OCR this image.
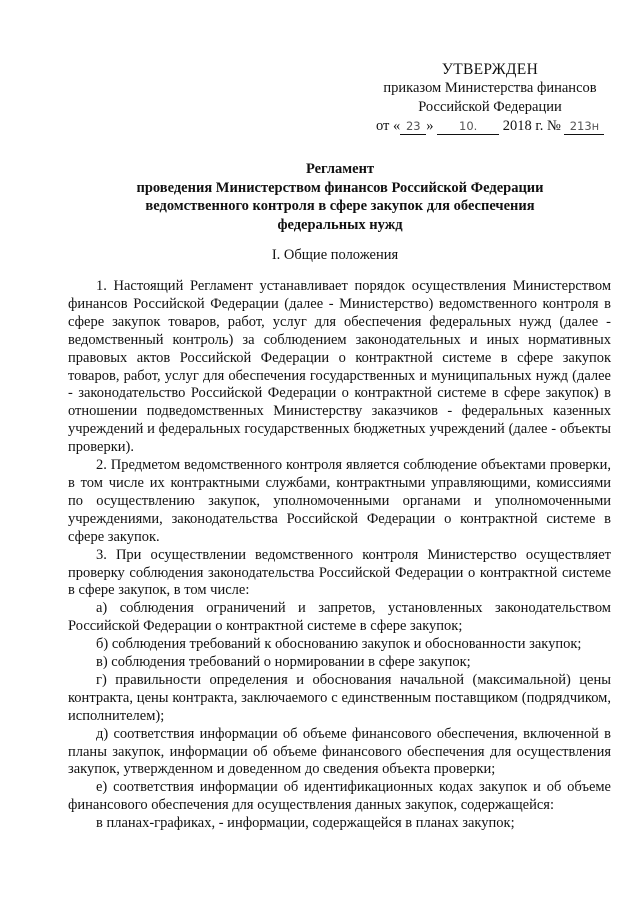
УТВЕРЖДЕН
приказом Министерства финансов
Российской Федерации
от « 23 » 10. 2018 г. № 213н
Регламент
проведения Министерством финансов Российской Федерации
ведомственного контроля в сфере закупок для обеспечения
федеральных нужд
I. Общие положения

1. Настоящий Регламент устанавливает порядок осуществления Министерством финансов Российской Федерации (далее - Министерство) ведомственного контроля в сфере закупок товаров, работ, услуг для обеспечения федеральных нужд (далее - ведомственный контроль) за соблюдением законодательных и иных нормативных правовых актов Российской Федерации о контрактной системе в сфере закупок товаров, работ, услуг для обеспечения государственных и муниципальных нужд (далее - законодательство Российской Федерации о контрактной системе в сфере закупок) в отношении подведомственных Министерству заказчиков - федеральных казенных учреждений и федеральных государственных бюджетных учреждений (далее - объекты проверки).

2. Предметом ведомственного контроля является соблюдение объектами проверки, в том числе их контрактными службами, контрактными управляющими, комиссиями по осуществлению закупок, уполномоченными органами и уполномоченными учреждениями, законодательства Российской Федерации о контрактной системе в сфере закупок.

3. При осуществлении ведомственного контроля Министерство осуществляет проверку соблюдения законодательства Российской Федерации о контрактной системе в сфере закупок, в том числе:

а) соблюдения ограничений и запретов, установленных законодательством Российской Федерации о контрактной системе в сфере закупок;

б) соблюдения требований к обоснованию закупок и обоснованности закупок;

в) соблюдения требований о нормировании в сфере закупок;

г) правильности определения и обоснования начальной (максимальной) цены контракта, цены контракта, заключаемого с единственным поставщиком (подрядчиком, исполнителем);

д) соответствия информации об объеме финансового обеспечения, включенной в планы закупок, информации об объеме финансового обеспечения для осуществления закупок, утвержденном и доведенном до сведения объекта проверки;

е) соответствия информации об идентификационных кодах закупок и об объеме финансового обеспечения для осуществления данных закупок, содержащейся:

в планах-графиках, - информации, содержащейся в планах закупок;
